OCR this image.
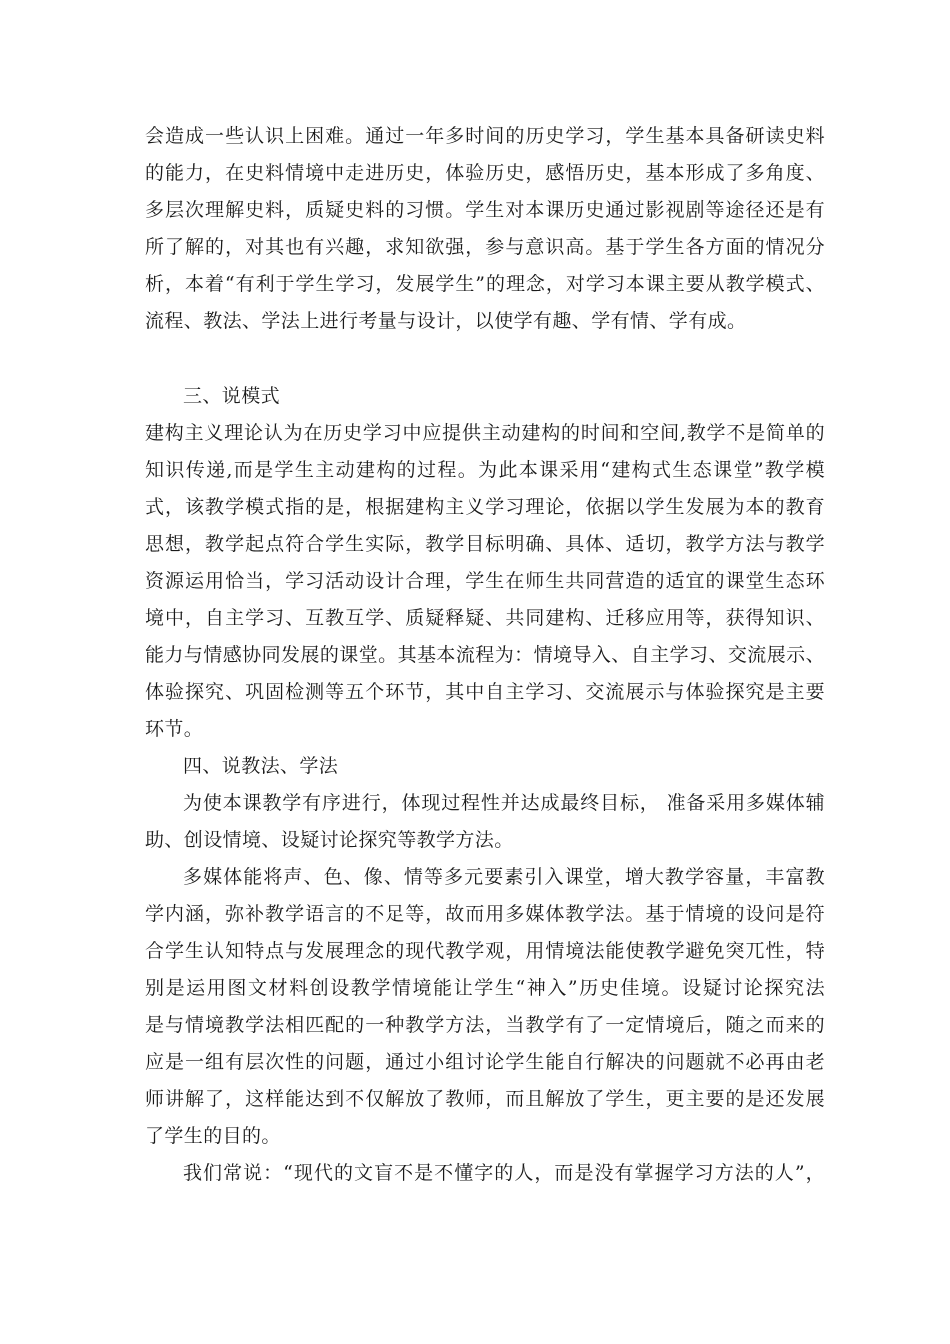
会造成一些认识上困难。通过一年多时间的历史学习，学生基本具备研读史料
的能力，在史料情境中走进历史，体验历史，感悟历史，基本形成了多角度、
多层次理解史料，质疑史料的习惯。学生对本课历史通过影视剧等途径还是有
所了解的，对其也有兴趣，求知欲强，参与意识高。基于学生各方面的情况分
析，本着“有利于学生学习，发展学生”的理念，对学习本课主要从教学模式、
流程、教法、学法上进行考量与设计，以使学有趣、学有情、学有成。
三、说模式
建构主义理论认为在历史学习中应提供主动建构的时间和空间,教学不是简单的
知识传递,而是学生主动建构的过程。为此本课采用“建构式生态课堂”教学模
式，该教学模式指的是，根据建构主义学习理论，依据以学生发展为本的教育
思想，教学起点符合学生实际，教学目标明确、具体、适切，教学方法与教学
资源运用恰当，学习活动设计合理，学生在师生共同营造的适宜的课堂生态环
境中，自主学习、互教互学、质疑释疑、共同建构、迁移应用等，获得知识、
能力与情感协同发展的课堂。其基本流程为：情境导入、自主学习、交流展示、
体验探究、巩固检测等五个环节，其中自主学习、交流展示与体验探究是主要
环节。
四、说教法、学法
为使本课教学有序进行，体现过程性并达成最终目标， 准备采用多媒体辅
助、创设情境、设疑讨论探究等教学方法。
多媒体能将声、色、像、情等多元要素引入课堂，增大教学容量，丰富教
学内涵，弥补教学语言的不足等，故而用多媒体教学法。基于情境的设问是符
合学生认知特点与发展理念的现代教学观，用情境法能使教学避免突兀性，特
别是运用图文材料创设教学情境能让学生“神入”历史佳境。设疑讨论探究法
是与情境教学法相匹配的一种教学方法，当教学有了一定情境后，随之而来的
应是一组有层次性的问题，通过小组讨论学生能自行解决的问题就不必再由老
师讲解了，这样能达到不仅解放了教师，而且解放了学生，更主要的是还发展
了学生的目的。
我们常说：“现代的文盲不是不懂字的人，而是没有掌握学习方法的人”，
